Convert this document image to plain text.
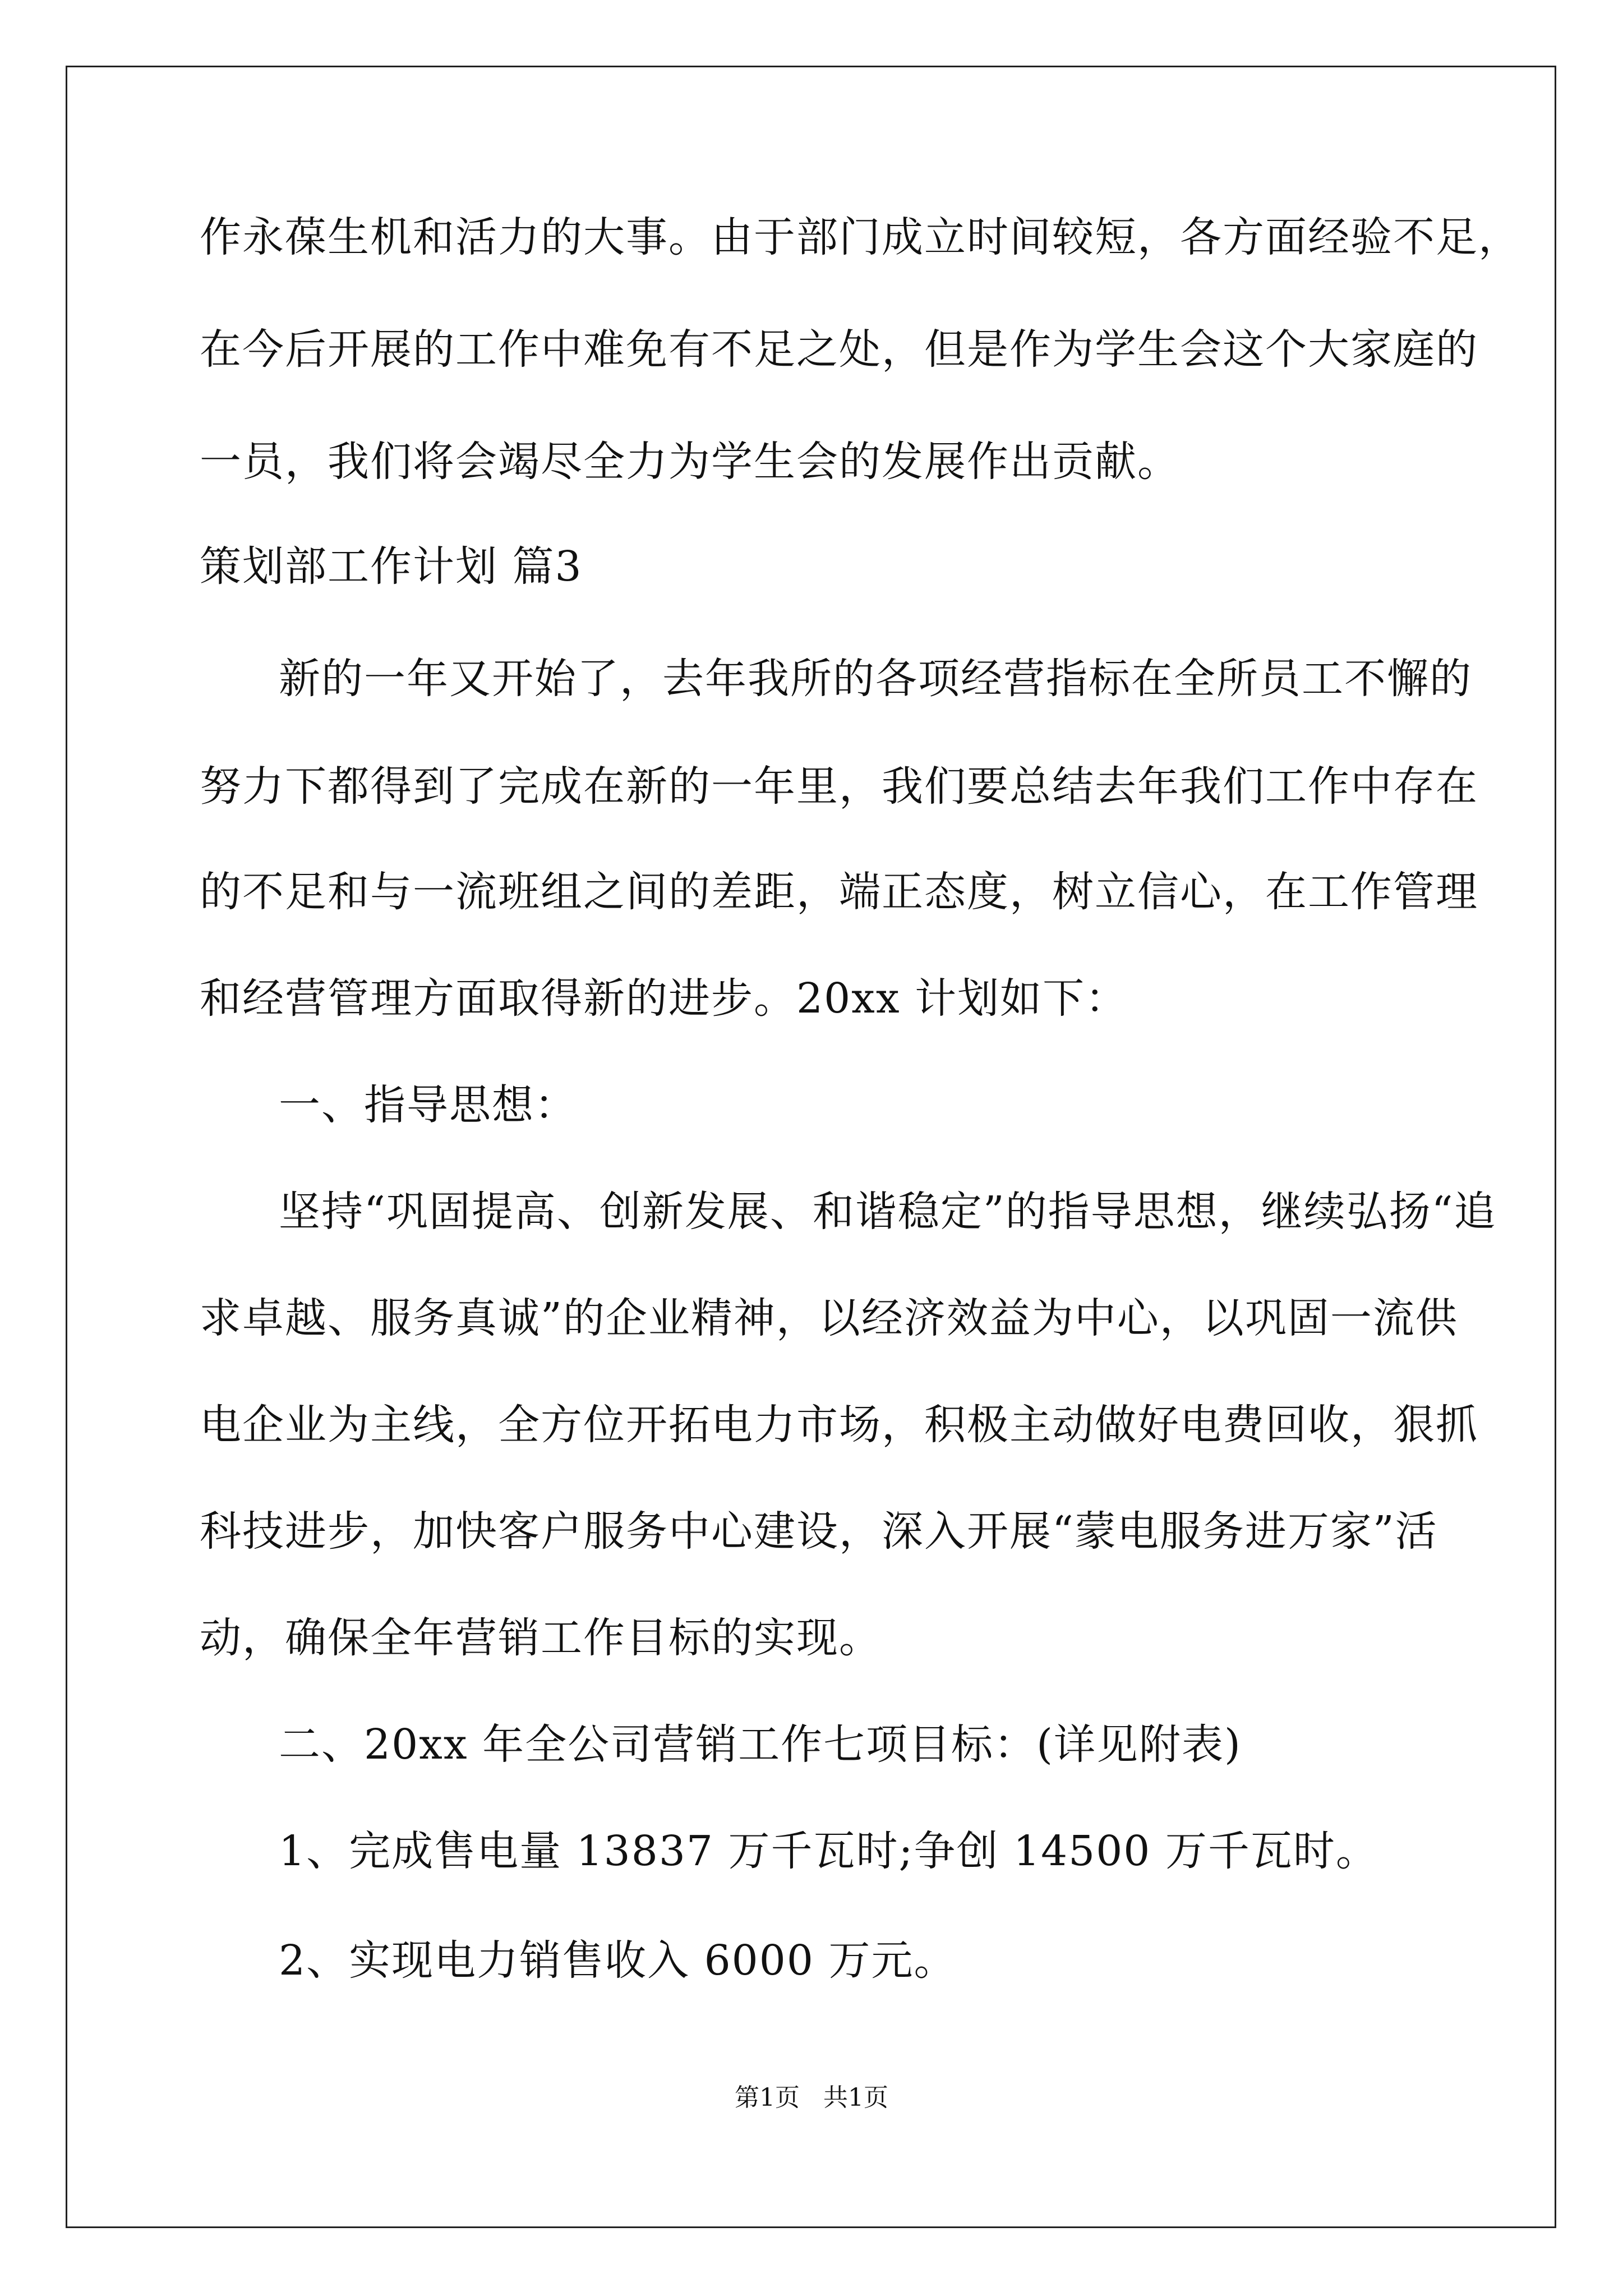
作永葆生机和活力的大事。由于部门成立时间较短，各方面经验不足，
在今后开展的工作中难免有不足之处，但是作为学生会这个大家庭的
一员，我们将会竭尽全力为学生会的发展作出贡献。
策划部工作计划 篇3
新的一年又开始了，去年我所的各项经营指标在全所员工不懈的
努力下都得到了完成在新的一年里，我们要总结去年我们工作中存在
的不足和与一流班组之间的差距，端正态度，树立信心，在工作管理
和经营管理方面取得新的进步。20xx 计划如下：
一、指导思想：
坚持“巩固提高、创新发展、和谐稳定”的指导思想，继续弘扬“追
求卓越、服务真诚”的企业精神，以经济效益为中心，以巩固一流供
电企业为主线，全方位开拓电力市场，积极主动做好电费回收，狠抓
科技进步，加快客户服务中心建设，深入开展“蒙电服务进万家”活
动，确保全年营销工作目标的实现。
二、20xx 年全公司营销工作七项目标：(详见附表)
1、完成售电量 13837 万千瓦时;争创 14500 万千瓦时。
2、实现电力销售收入 6000 万元。
第1页   共1页
